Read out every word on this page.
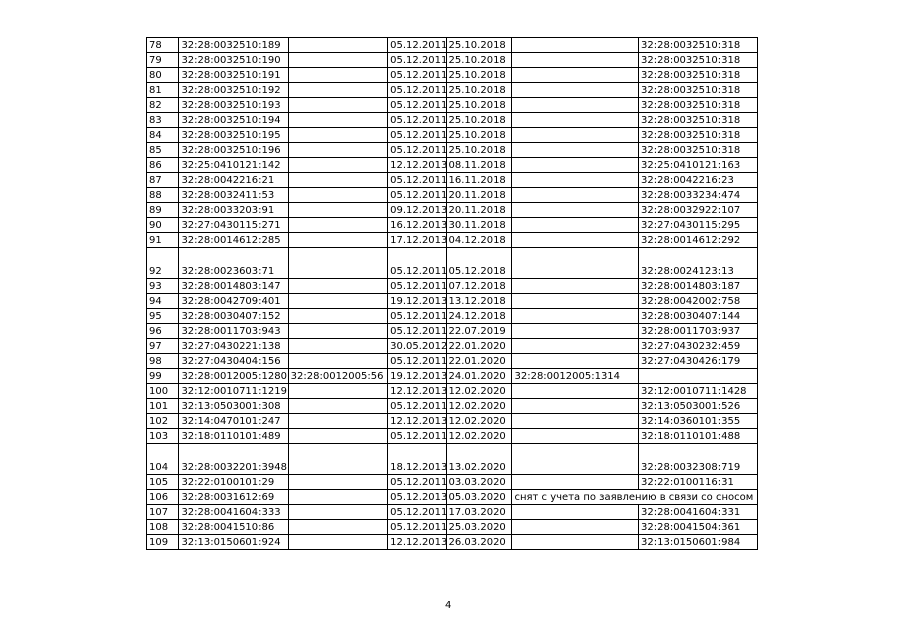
78	32:28:0032510:189		05.12.2011	25.10.2018		32:28:0032510:318
79	32:28:0032510:190		05.12.2011	25.10.2018		32:28:0032510:318
80	32:28:0032510:191		05.12.2011	25.10.2018		32:28:0032510:318
81	32:28:0032510:192		05.12.2011	25.10.2018		32:28:0032510:318
82	32:28:0032510:193		05.12.2011	25.10.2018		32:28:0032510:318
83	32:28:0032510:194		05.12.2011	25.10.2018		32:28:0032510:318
84	32:28:0032510:195		05.12.2011	25.10.2018		32:28:0032510:318
85	32:28:0032510:196		05.12.2011	25.10.2018		32:28:0032510:318
86	32:25:0410121:142		12.12.2013	08.11.2018		32:25:0410121:163
87	32:28:0042216:21		05.12.2011	16.11.2018		32:28:0042216:23
88	32:28:0032411:53		05.12.2011	20.11.2018		32:28:0033234:474
89	32:28:0033203:91		09.12.2013	20.11.2018		32:28:0032922:107
90	32:27:0430115:271		16.12.2013	30.11.2018		32:27:0430115:295
91	32:28:0014612:285		17.12.2013	04.12.2018		32:28:0014612:292
92	32:28:0023603:71		05.12.2011	05.12.2018		32:28:0024123:13
93	32:28:0014803:147		05.12.2011	07.12.2018		32:28:0014803:187
94	32:28:0042709:401		19.12.2013	13.12.2018		32:28:0042002:758
95	32:28:0030407:152		05.12.2011	24.12.2018		32:28:0030407:144
96	32:28:0011703:943		05.12.2011	22.07.2019		32:28:0011703:937
97	32:27:0430221:138		30.05.2012	22.01.2020		32:27:0430232:459
98	32:27:0430404:156		05.12.2011	22.01.2020		32:27:0430426:179
99	32:28:0012005:1280	32:28:0012005:56	19.12.2013	24.01.2020	32:28:0012005:1314	
100	32:12:0010711:1219		12.12.2013	12.02.2020		32:12:0010711:1428
101	32:13:0503001:308		05.12.2011	12.02.2020		32:13:0503001:526
102	32:14:0470101:247		12.12.2013	12.02.2020		32:14:0360101:355
103	32:18:0110101:489		05.12.2011	12.02.2020		32:18:0110101:488
104	32:28:0032201:3948		18.12.2013	13.02.2020		32:28:0032308:719
105	32:22:0100101:29		05.12.2011	03.03.2020		32:22:0100116:31
106	32:28:0031612:69		05.12.2013	05.03.2020	снят с учета по заявлению в связи со сносом	
107	32:28:0041604:333		05.12.2011	17.03.2020		32:28:0041604:331
108	32:28:0041510:86		05.12.2011	25.03.2020		32:28:0041504:361
109	32:13:0150601:924		12.12.2013	26.03.2020		32:13:0150601:984
4
